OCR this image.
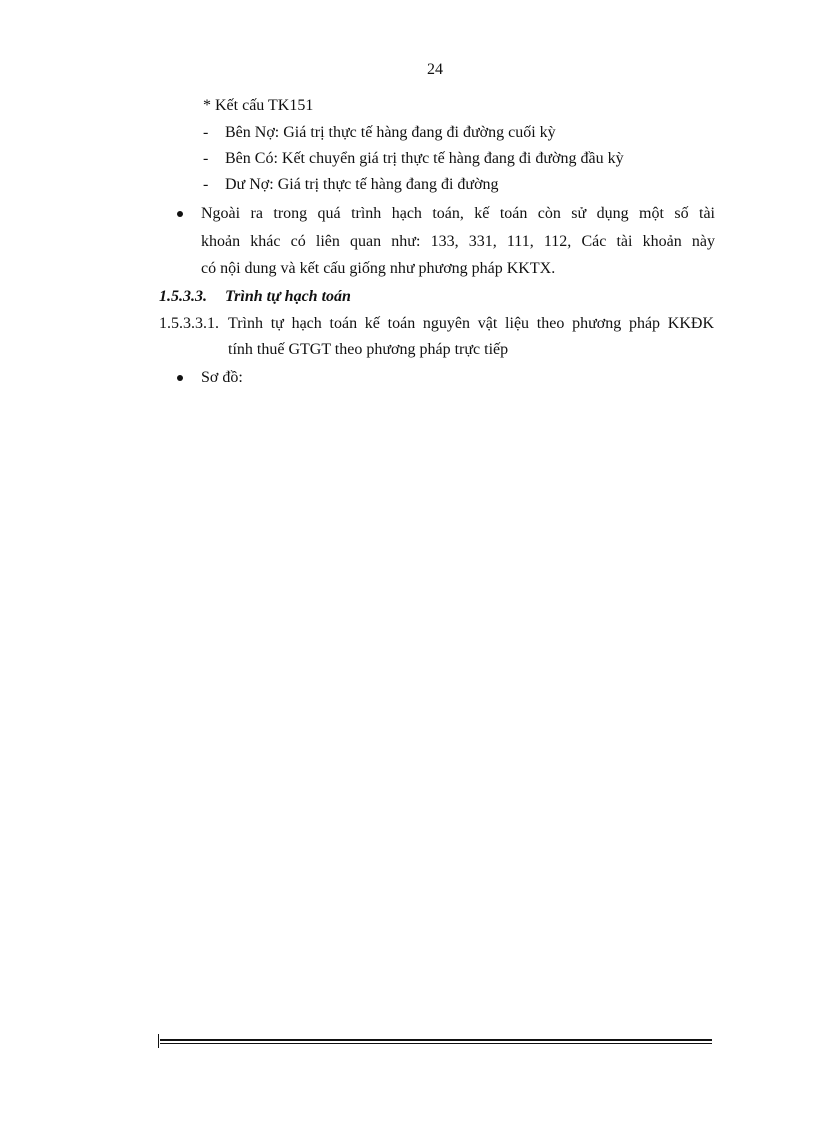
24
* Kết cấu TK151
- Bên Nợ: Giá trị thực tế hàng đang đi đường cuối kỳ
- Bên Có: Kết chuyển giá trị thực tế hàng đang đi đường đầu kỳ
- Dư Nợ: Giá trị thực tế hàng đang đi đường
Ngoài ra trong quá trình hạch toán, kế toán còn sử dụng một số tài
khoản khác có liên quan như: 133, 331, 111, 112, Các tài khoản này
có nội dung và kết cấu giống như phương pháp KKTX.
1.5.3.3. Trình tự hạch toán
1.5.3.3.1. Trình tự hạch toán kế toán nguyên vật liệu theo phương pháp KKĐK
tính thuế GTGT theo phương pháp trực tiếp
Sơ đồ:
